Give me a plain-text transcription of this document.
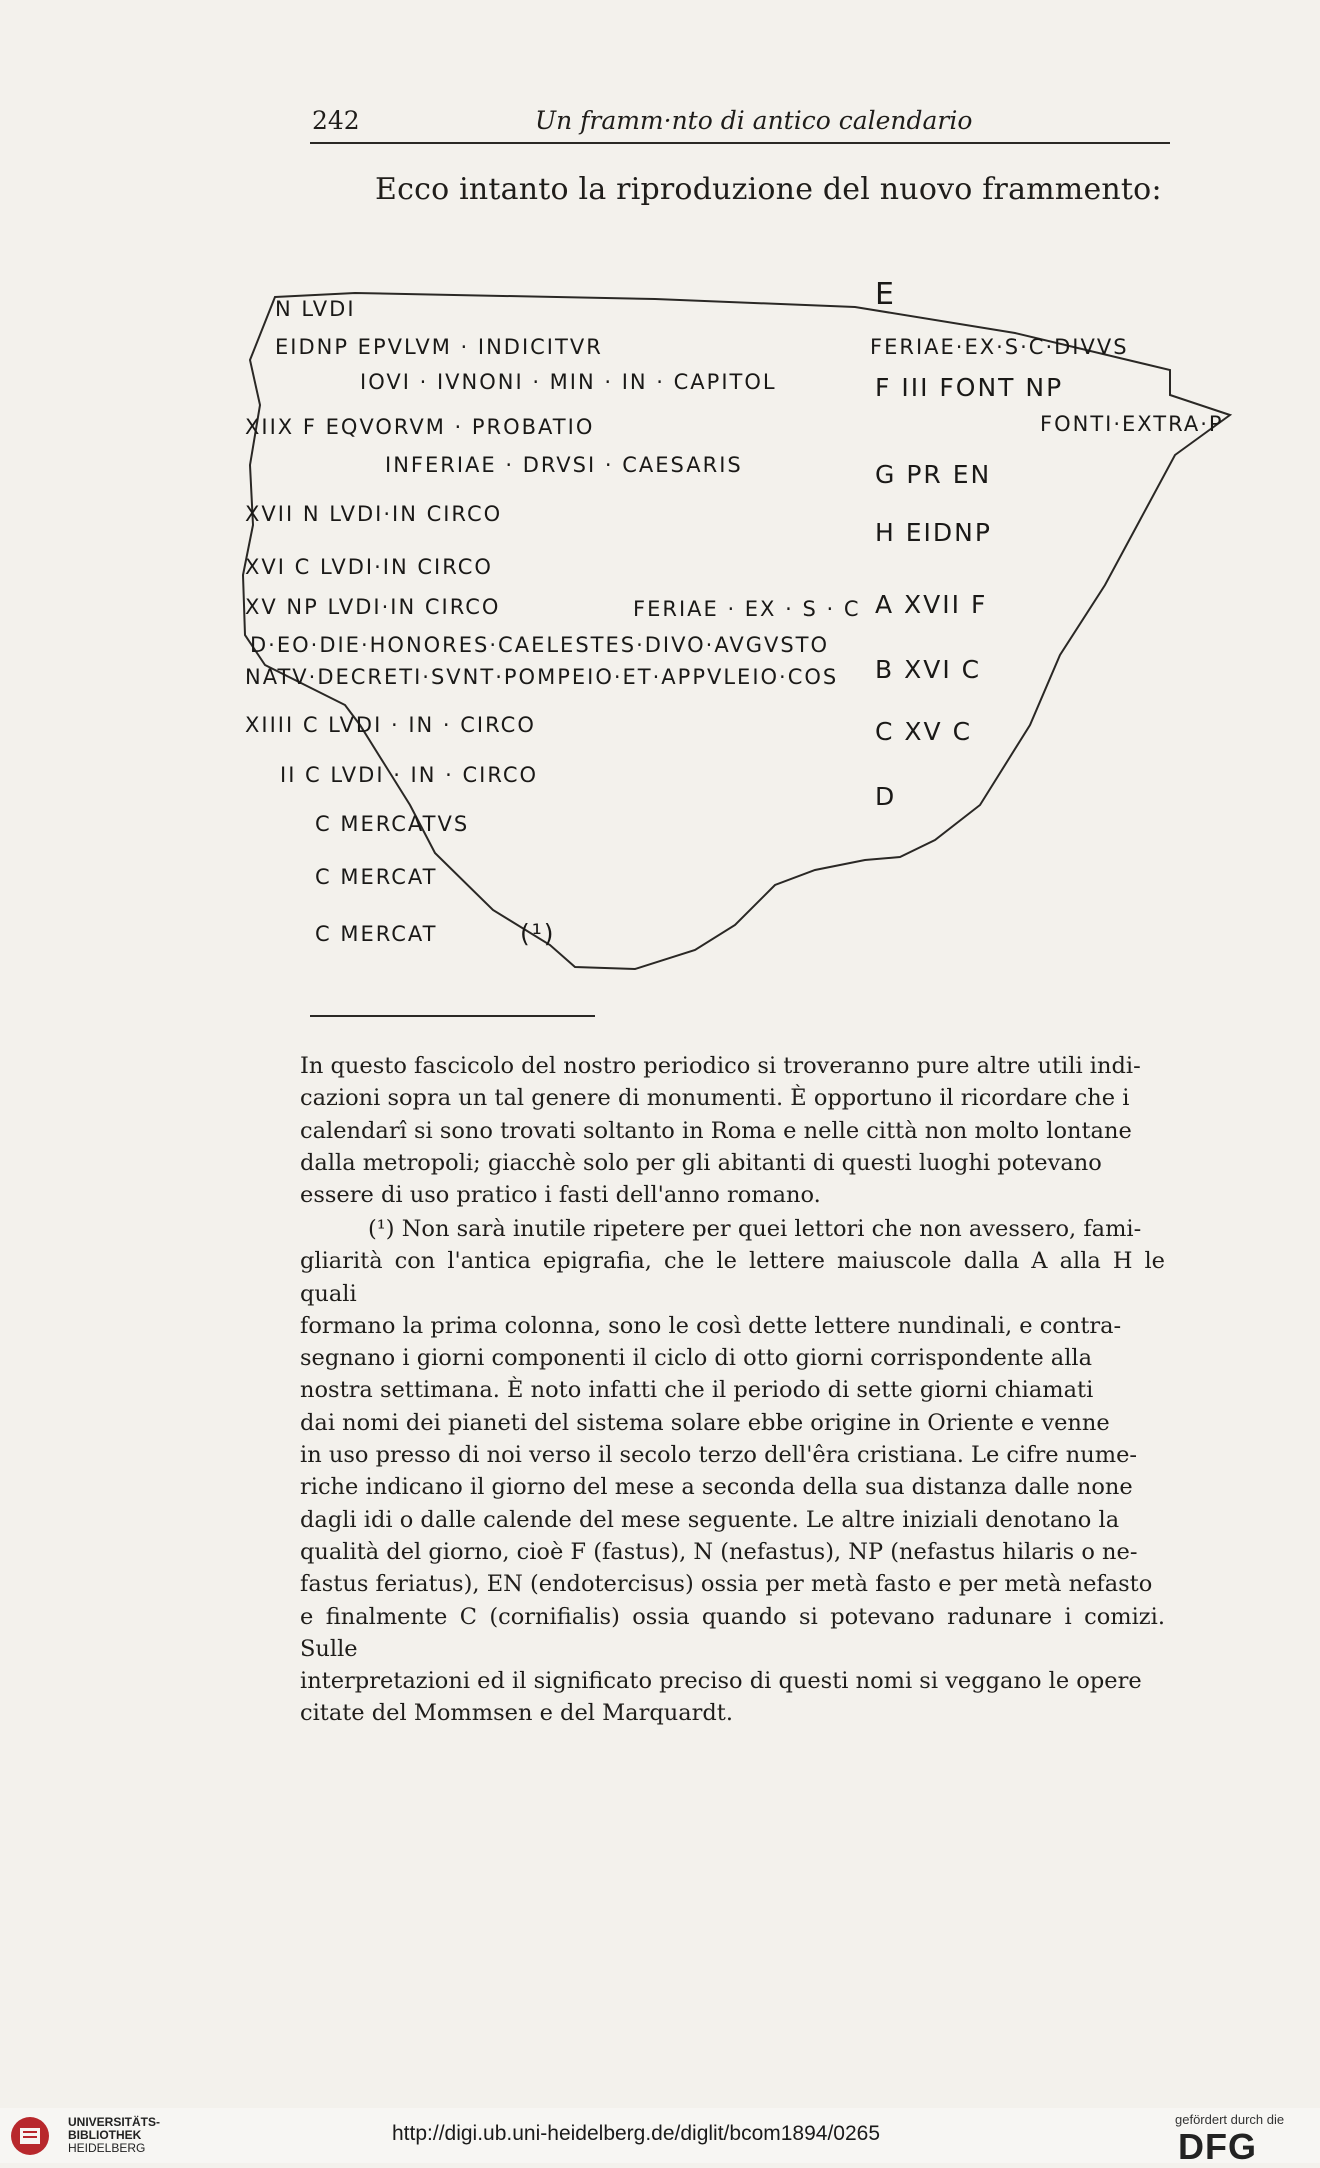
242	Un framm·nto di antico calendario
Ecco intanto la riproduzione del nuovo frammento:
N LVDI
EIDNP EPVLVM · INDICITVR
IOVI · IVNONI · MIN · IN · CAPITOL
XIIX F EQVORVM · PROBATIO
INFERIAE · DRVSI · CAESARIS
XVII N LVDI·IN CIRCO
XVI C LVDI·IN CIRCO
XV NP LVDI·IN CIRCO	FERIAE · EX · S · C
D·EO·DIE·HONORES·CAELESTES·DIVO·AVGVSTO
NATV·DECRETI·SVNT·POMPEIO·ET·APPVLEIO·COS
XIIII C LVDI · IN · CIRCO
II C LVDI · IN · CIRCO
C MERCATVS
C MERCAT
C MERCAT	(¹)
E
FERIAE·EX·S·C·DIVVS
F III FONT NP
FONTI·EXTRA·P
G PR EN
H EIDNP
A XVII F
B XVI C
C XV C
D

In questo fascicolo del nostro periodico si troveranno pure altre utili indi-

cazioni sopra un tal genere di monumenti. È opportuno il ricordare che i

calendarî si sono trovati soltanto in Roma e nelle città non molto lontane

dalla metropoli; giacchè solo per gli abitanti di questi luoghi potevano

essere di uso pratico i fasti dell'anno romano.

(¹) Non sarà inutile ripetere per quei lettori che non avessero, fami-

gliarità con l'antica epigrafia, che le lettere maiuscole dalla A alla H le quali

formano la prima colonna, sono le così dette lettere nundinali, e contra-

segnano i giorni componenti il ciclo di otto giorni corrispondente alla

nostra settimana. È noto infatti che il periodo di sette giorni chiamati

dai nomi dei pianeti del sistema solare ebbe origine in Oriente e venne

in uso presso di noi verso il secolo terzo dell'êra cristiana. Le cifre nume-

riche indicano il giorno del mese a seconda della sua distanza dalle none

dagli idi o dalle calende del mese seguente. Le altre iniziali denotano la

qualità del giorno, cioè F (fastus), N (nefastus), NP (nefastus hilaris o ne-

fastus feriatus), EN (endotercisus) ossia per metà fasto e per metà nefasto

e finalmente C (cornifialis) ossia quando si potevano radunare i comizi. Sulle

interpretazioni ed il significato preciso di questi nomi si veggano le opere

citate del Mommsen e del Marquardt.

UNIVERSITÄTS-
BIBLIOTHEK
HEIDELBERG
http://digi.ub.uni-heidelberg.de/diglit/bcom1894/0265
gefördert durch die
DFG
